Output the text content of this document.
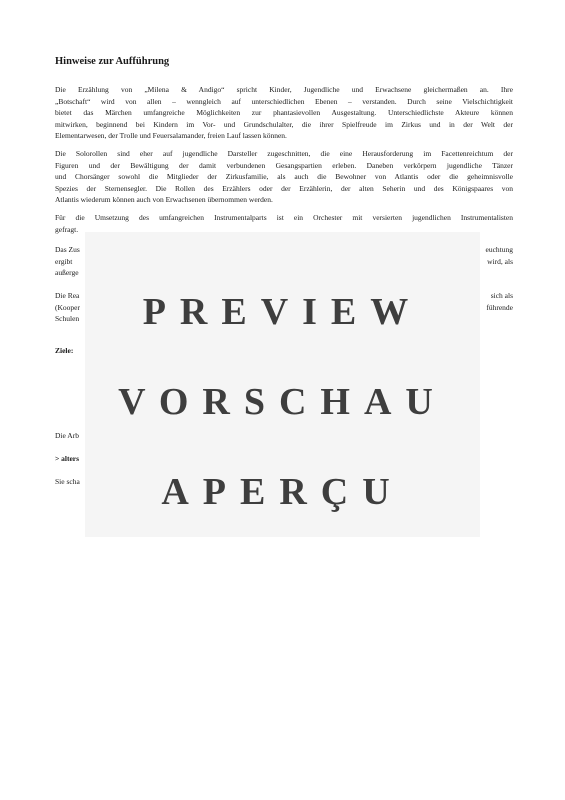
Hinweise zur Aufführung
Die Erzählung von „Milena & Andigo“ spricht Kinder, Jugendliche und Erwachsene gleichermaßen an. Ihre
„Botschaft“ wird von allen – wenngleich auf unterschiedlichen Ebenen – verstanden. Durch seine Vielschichtigkeit
bietet das Märchen umfangreiche Möglichkeiten zur phantasievollen Ausgestaltung. Unterschiedlichste Akteure können
mitwirken, beginnend bei Kindern im Vor- und Grundschulalter, die ihrer Spielfreude im Zirkus und in der Welt der
Elementarwesen, der Trolle und Feuersalamander, freien Lauf lassen können.
Die Solorollen sind eher auf jugendliche Darsteller zugeschnitten, die eine Herausforderung im Facettenreichtum der
Figuren und der Bewältigung der damit verbundenen Gesangspartien erleben. Daneben verkörpern jugendliche Tänzer
und Chorsänger sowohl die Mitglieder der Zirkusfamilie, als auch die Bewohner von Atlantis oder die geheimnisvolle
Spezies der Sternensegler. Die Rollen des Erzählers oder der Erzählerin, der alten Seherin und des Königspaares von
Atlantis wiederum können auch von Erwachsenen übernommen werden.
Für die Umsetzung des umfangreichen Instrumentalparts ist ein Orchester mit versierten jugendlichen Instrumentalisten
gefragt.
Das Zus
ergibt
außerge
euchtung
wird, als
Die Rea
(Kooper
Schulen
sich als
führende
Ziele:
Die Arb
> alters
Sie scha
PREVIEW
VORSCHAU
APERÇU
